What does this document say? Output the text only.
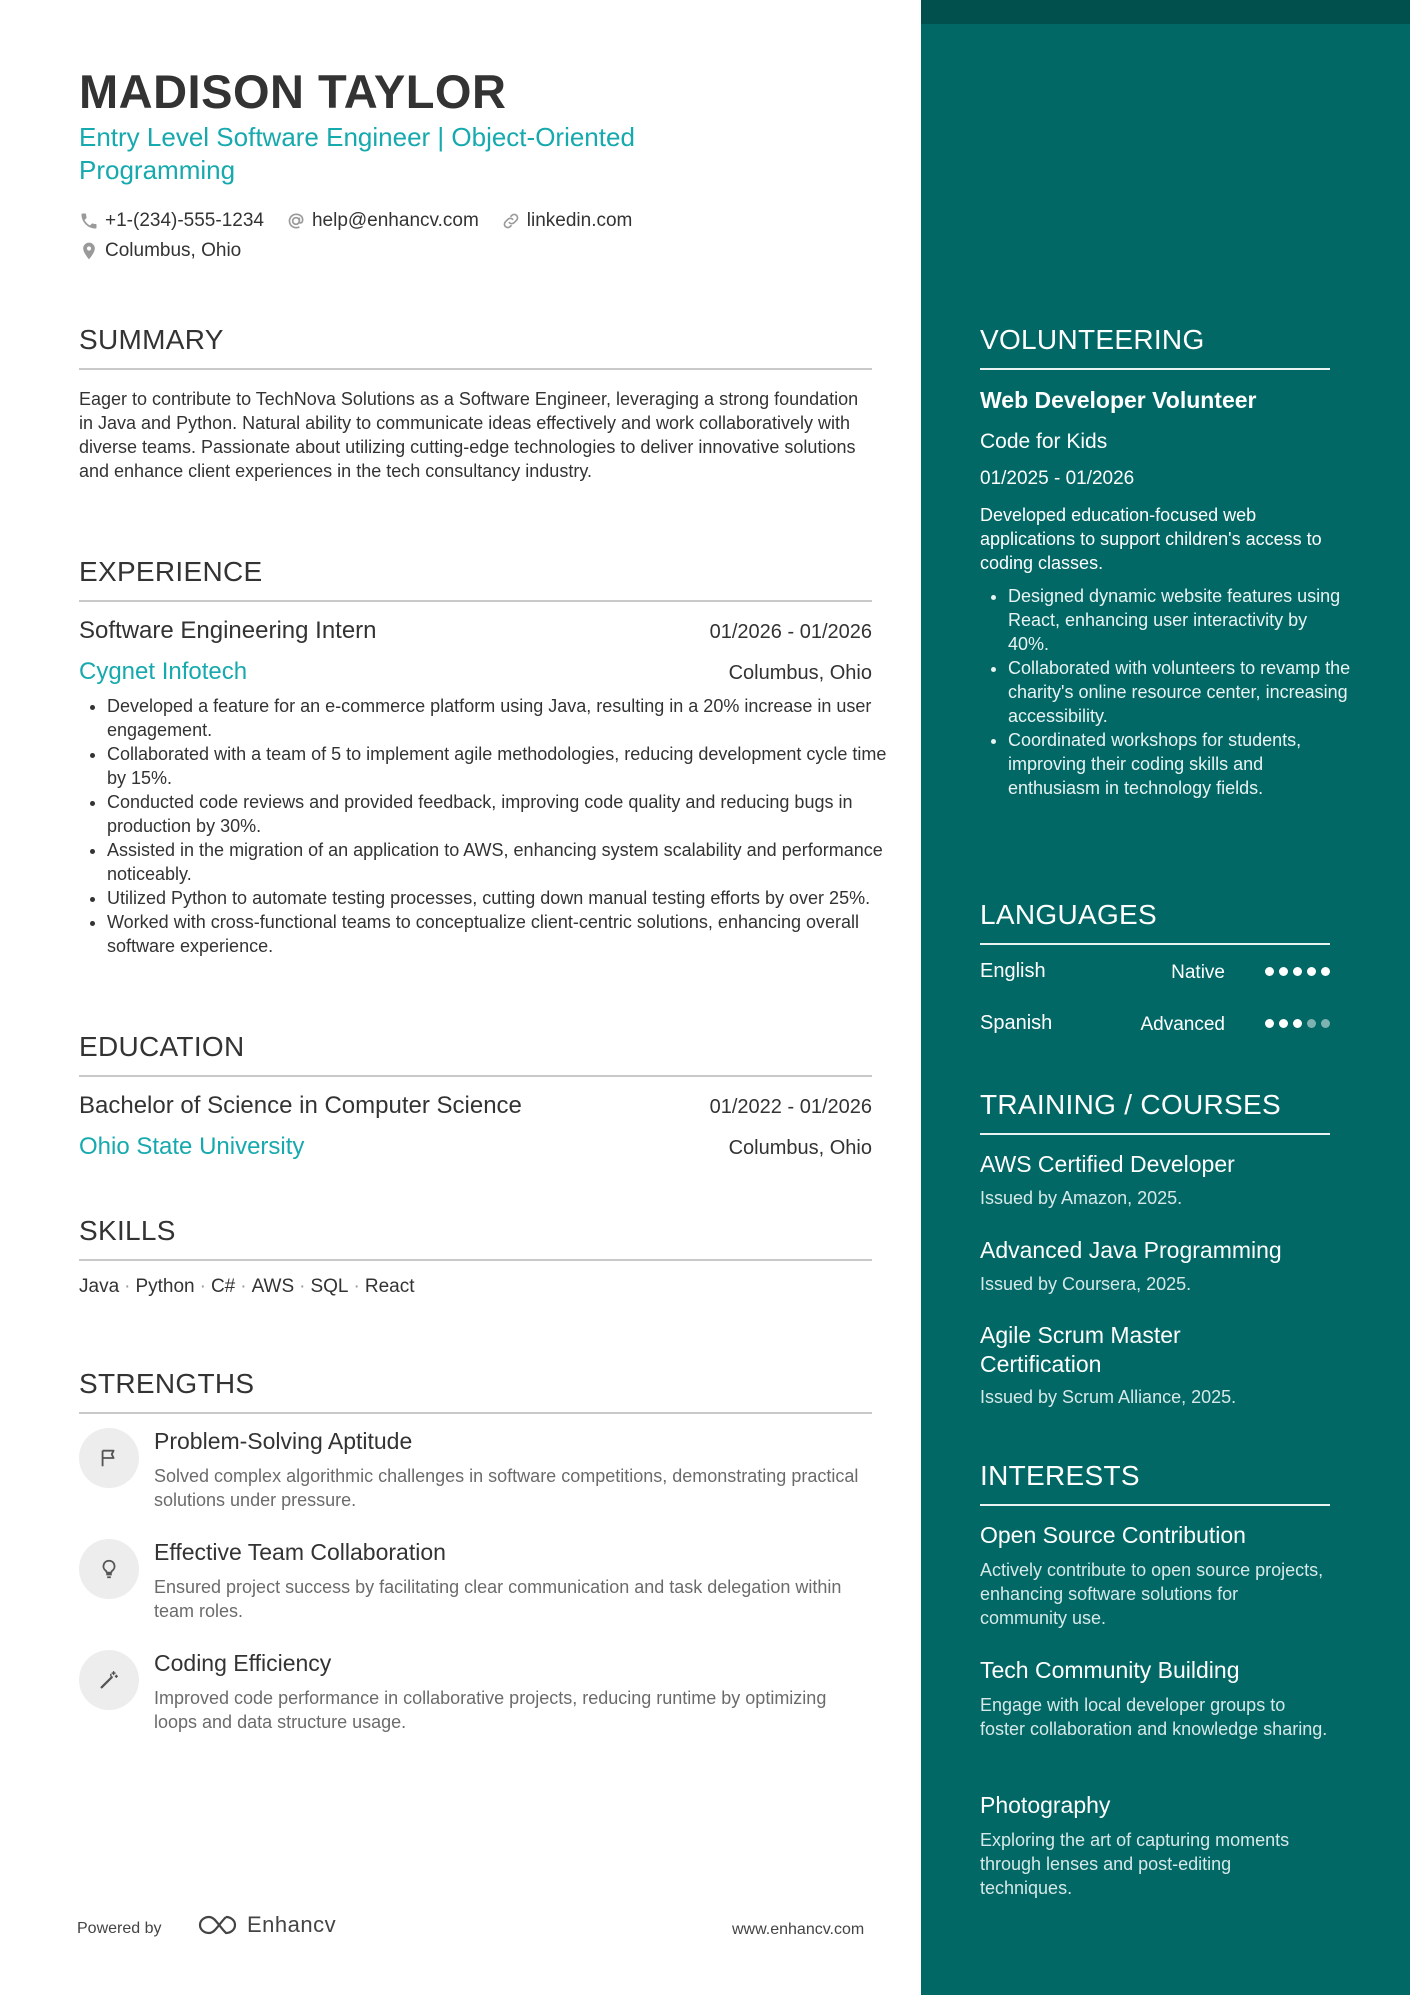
MADISON TAYLOR
Entry Level Software Engineer | Object-Oriented Programming
+1-(234)-555-1234	help@enhancv.com	linkedin.com
Columbus, Ohio
SUMMARY

Eager to contribute to TechNova Solutions as a Software Engineer, leveraging a strong foundation in Java and Python. Natural ability to communicate ideas effectively and work collaboratively with diverse teams. Passionate about utilizing cutting-edge technologies to deliver innovative solutions and enhance client experiences in the tech consultancy industry.

EXPERIENCE
Software Engineering Intern	01/2026 - 01/2026
Cygnet Infotech	Columbus, Ohio
• Developed a feature for an e-commerce platform using Java, resulting in a 20% increase in user engagement.
• Collaborated with a team of 5 to implement agile methodologies, reducing development cycle time by 15%.
• Conducted code reviews and provided feedback, improving code quality and reducing bugs in production by 30%.
• Assisted in the migration of an application to AWS, enhancing system scalability and performance noticeably.
• Utilized Python to automate testing processes, cutting down manual testing efforts by over 25%.
• Worked with cross-functional teams to conceptualize client-centric solutions, enhancing overall software experience.
EDUCATION
Bachelor of Science in Computer Science	01/2022 - 01/2026
Ohio State University	Columbus, Ohio
SKILLS
Java · Python · C# · AWS · SQL · React
STRENGTHS
Problem-Solving Aptitude
Solved complex algorithmic challenges in software competitions, demonstrating practical solutions under pressure.
Effective Team Collaboration
Ensured project success by facilitating clear communication and task delegation within team roles.
Coding Efficiency
Improved code performance in collaborative projects, reducing runtime by optimizing loops and data structure usage.
Powered by	Enhancv	www.enhancv.com
VOLUNTEERING
Web Developer Volunteer
Code for Kids
01/2025 - 01/2026

Developed education-focused web applications to support children's access to coding classes.

• Designed dynamic website features using React, enhancing user interactivity by 40%.
• Collaborated with volunteers to revamp the charity's online resource center, increasing accessibility.
• Coordinated workshops for students, improving their coding skills and enthusiasm in technology fields.
LANGUAGES
English	Native
Spanish	Advanced
TRAINING / COURSES
AWS Certified Developer
Issued by Amazon, 2025.
Advanced Java Programming
Issued by Coursera, 2025.
Agile Scrum Master Certification
Issued by Scrum Alliance, 2025.
INTERESTS
Open Source Contribution
Actively contribute to open source projects, enhancing software solutions for community use.
Tech Community Building
Engage with local developer groups to foster collaboration and knowledge sharing.
Photography
Exploring the art of capturing moments through lenses and post-editing techniques.
